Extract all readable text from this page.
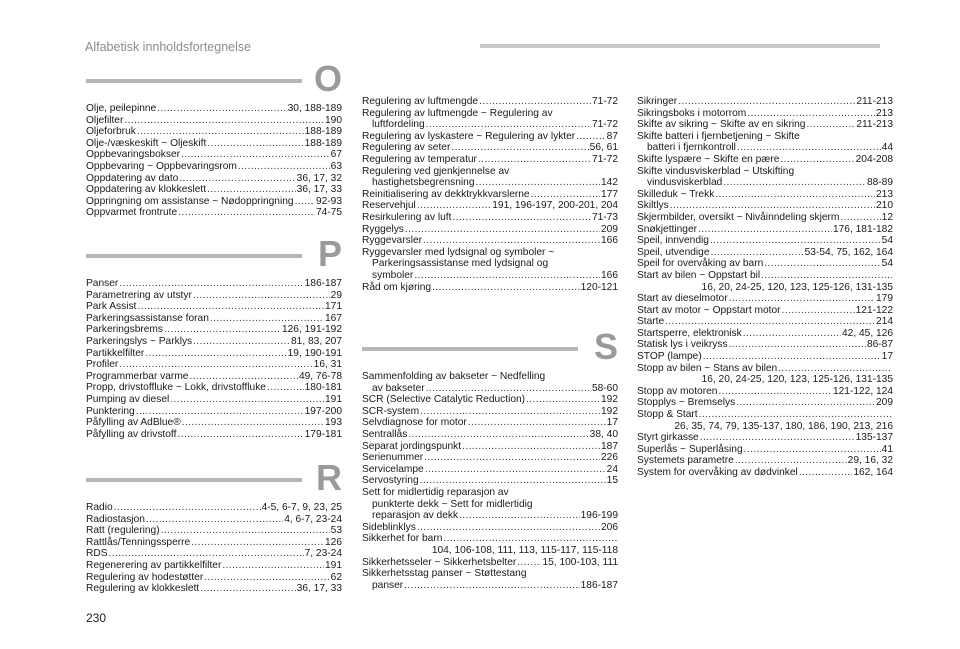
Alfabetisk innholdsfortegnelse
O
Olje, peilepinne .....	30, 188-189
Oljefilter .....	190
Oljeforbruk .....	188-189
Olje-/væskeskift ~ Oljeskift .....	188-189
Oppbevaringsbokser .....	67
Oppbevaring ~ Oppbevaringsrom .....	63
Oppdatering av dato .....	36, 17, 32
Oppdatering av klokkeslett .....	36, 17, 33
Oppringning om assistanse ~ Nødoppringning ..... 92-93
Oppvarmet frontrute .....	74-75
P
Panser .....	186-187
Parametrering av utstyr .....	29
Park Assist .....	171
Parkeringsassistanse foran .....	167
Parkeringsbrems .....	126, 191-192
Parkeringslys ~ Parklys .....	81, 83, 207
Partikkelfilter .....	19, 190-191
Profiler .....	16, 31
Programmerbar varme .....	49, 76-78
Propp, drivstoffluke ~ Lokk, drivstoffluke .....	180-181
Pumping av diesel .....	191
Punktering .....	197-200
Påfylling av AdBlue® .....	193
Påfylling av drivstoff .....	179-181
R
Radio .....	4-5, 6-7, 9, 23, 25
Radiostasjon .....	4, 6-7, 23-24
Ratt (regulering) .....	53
Rattlås/Tenningssperre .....	126
RDS .....	7, 23-24
Regenerering av partikkelfilter .....	191
Regulering av hodestøtter .....	62
Regulering av klokkeslett .....	36, 17, 33
Regulering av luftmengde .....	71-72
Regulering av luftmengde ~ Regulering av
luftfordeling .....	71-72
Regulering av lyskastere ~ Regulering av lykter .....	87
Regulering av seter .....	56, 61
Regulering av temperatur .....	71-72
Regulering ved gjenkjennelse av
hastighetsbegrensning .....	142
Reinitialisering av dekktrykkvarslerne .....	177
Reservehjul .....	191, 196-197, 200-201, 204
Resirkulering av luft .....	71-73
Ryggelys .....	209
Ryggevarsler .....	166
Ryggevarsler med lydsignal og symboler ~
Parkeringsassistanse med lydsignal og
symboler .....	166
Råd om kjøring .....	120-121
S
Sammenfolding av bakseter ~ Nedfelling
av bakseter .....	58-60
SCR (Selective Catalytic Reduction) .....	192
SCR-system .....	192
Selvdiagnose for motor .....	17
Sentrallås .....	38, 40
Separat jordingspunkt .....	187
Serienummer .....	226
Servicelampe .....	24
Servostyring .....	15
Sett for midlertidig reparasjon av
punkterte dekk ~ Sett for midlertidig
reparasjon av dekk .....	196-199
Sideblinklys .....	206
Sikkerhet for barn
.....
104, 106-108, 111, 113, 115-117, 115-118
Sikkerhetsseler ~ Sikkerhetsbelter .....	15, 100-103, 111
Sikkerhetsstag panser ~ Støttestang
panser .....	186-187
Sikringer .....	211-213
Sikringsboks i motorrom .....	213
Skifte av sikring ~ Skifte av en sikring .....	211-213
Skifte batteri i fjernbetjening ~ Skifte
batteri i fjernkontroll .....	44
Skifte lyspære ~ Skifte en pære .....	204-208
Skifte vindusviskerblad ~ Utskifting
vindusviskerblad .....	88-89
Skilleduk ~ Trekk .....	213
Skiltlys .....	210
Skjermbilder, oversikt ~ Nivåinndeling skjerm .....	12
Snøkjettinger .....	176, 181-182
Speil, innvendig .....	54
Speil, utvendige .....	53-54, 75, 162, 164
Speil for overvåking av barn .....	54
Start av bilen ~ Oppstart bil
.....
16, 20, 24-25, 120, 123, 125-126, 131-135
Start av dieselmotor .....	179
Start av motor ~ Oppstart motor .....	121-122
Starte .....	214
Startsperre, elektronisk .....	42, 45, 126
Statisk lys i veikryss .....	86-87
STOP (lampe) .....	17
Stopp av bilen ~ Stans av bilen
.....
16, 20, 24-25, 120, 123, 125-126, 131-135
Stopp av motoren .....	121-122, 124
Stopplys ~ Bremselys .....	209
Stopp & Start
.....
26, 35, 74, 79, 135-137, 180, 186, 190, 213, 216
Styrt girkasse .....	135-137
Superlås ~ Superlåsing .....	41
Systemets parametre .....	29, 16, 32
System for overvåking av dødvinkel .....	162, 164
230
